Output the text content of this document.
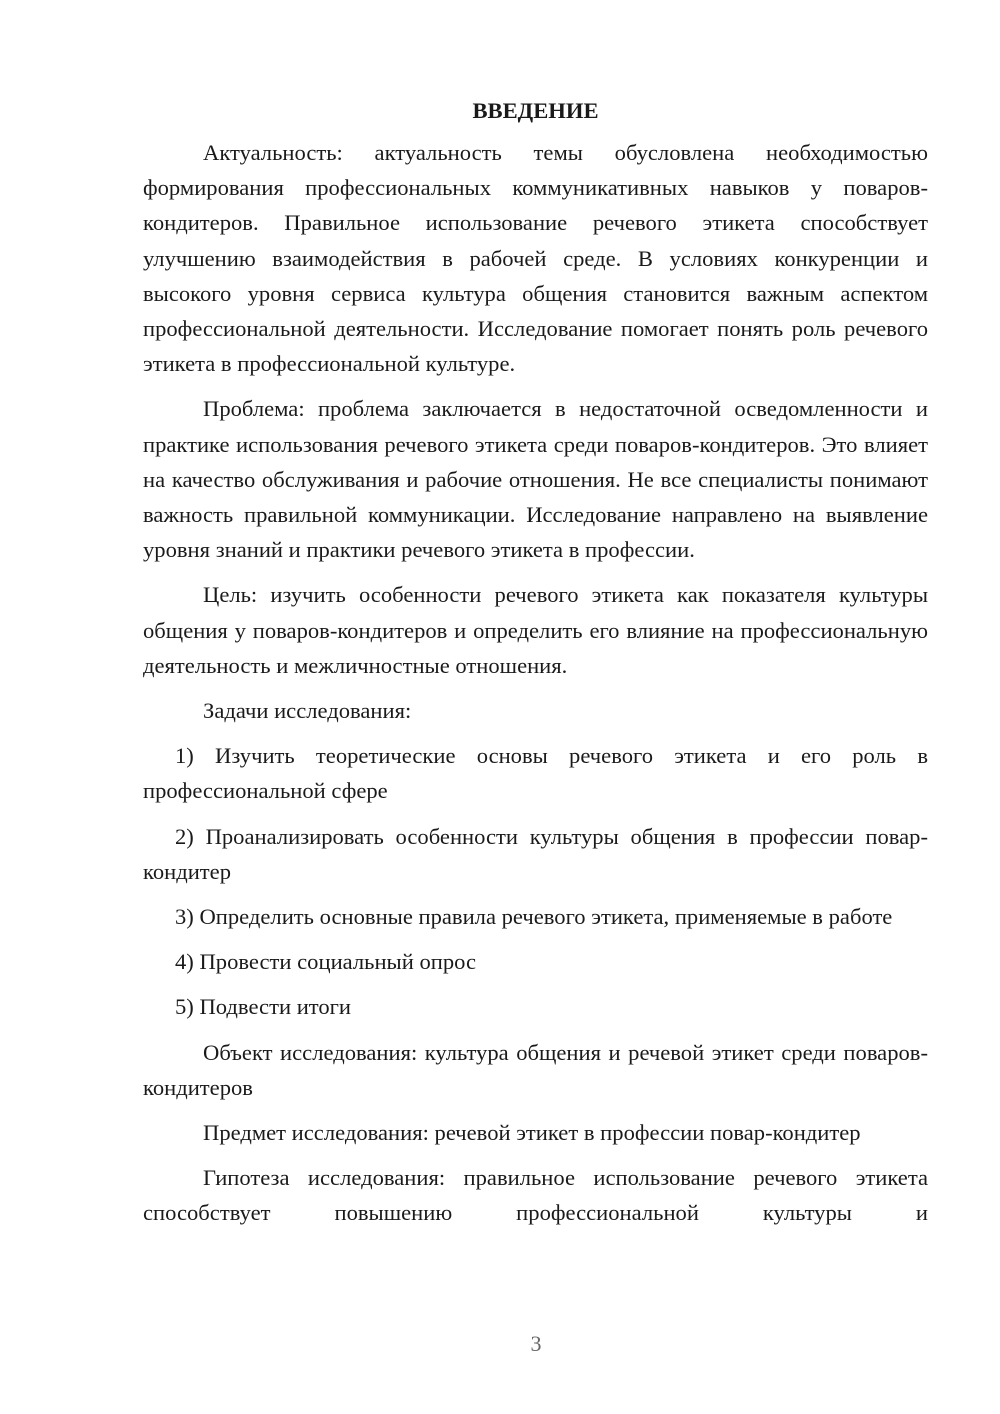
ВВЕДЕНИЕ

Актуальность: актуальность темы обусловлена необходимостью формирования профессиональных коммуникативных навыков у поваров-кондитеров. Правильное использование речевого этикета способствует улучшению взаимодействия в рабочей среде. В условиях конкуренции и высокого уровня сервиса культура общения становится важным аспектом профессиональной деятельности. Исследование помогает понять роль речевого этикета в профессиональной культуре.

Проблема: проблема заключается в недостаточной осведомленности и практике использования речевого этикета среди поваров-кондитеров. Это влияет на качество обслуживания и рабочие отношения. Не все специалисты понимают важность правильной коммуникации. Исследование направлено на выявление уровня знаний и практики речевого этикета в профессии.

Цель: изучить особенности речевого этикета как показателя культуры общения у поваров-кондитеров и определить его влияние на профессиональную деятельность и межличностные отношения.

Задачи исследования:

1) Изучить теоретические основы речевого этикета и его роль в профессиональной сфере

2) Проанализировать особенности культуры общения в профессии повар-кондитер

3) Определить основные правила речевого этикета, применяемые в работе

4) Провести социальный опрос

5) Подвести итоги

Объект исследования: культура общения и речевой этикет среди поваров-кондитеров

Предмет исследования: речевой этикет в профессии повар-кондитер

Гипотеза исследования: правильное использование речевого этикета способствует повышению профессиональной культуры и

3
